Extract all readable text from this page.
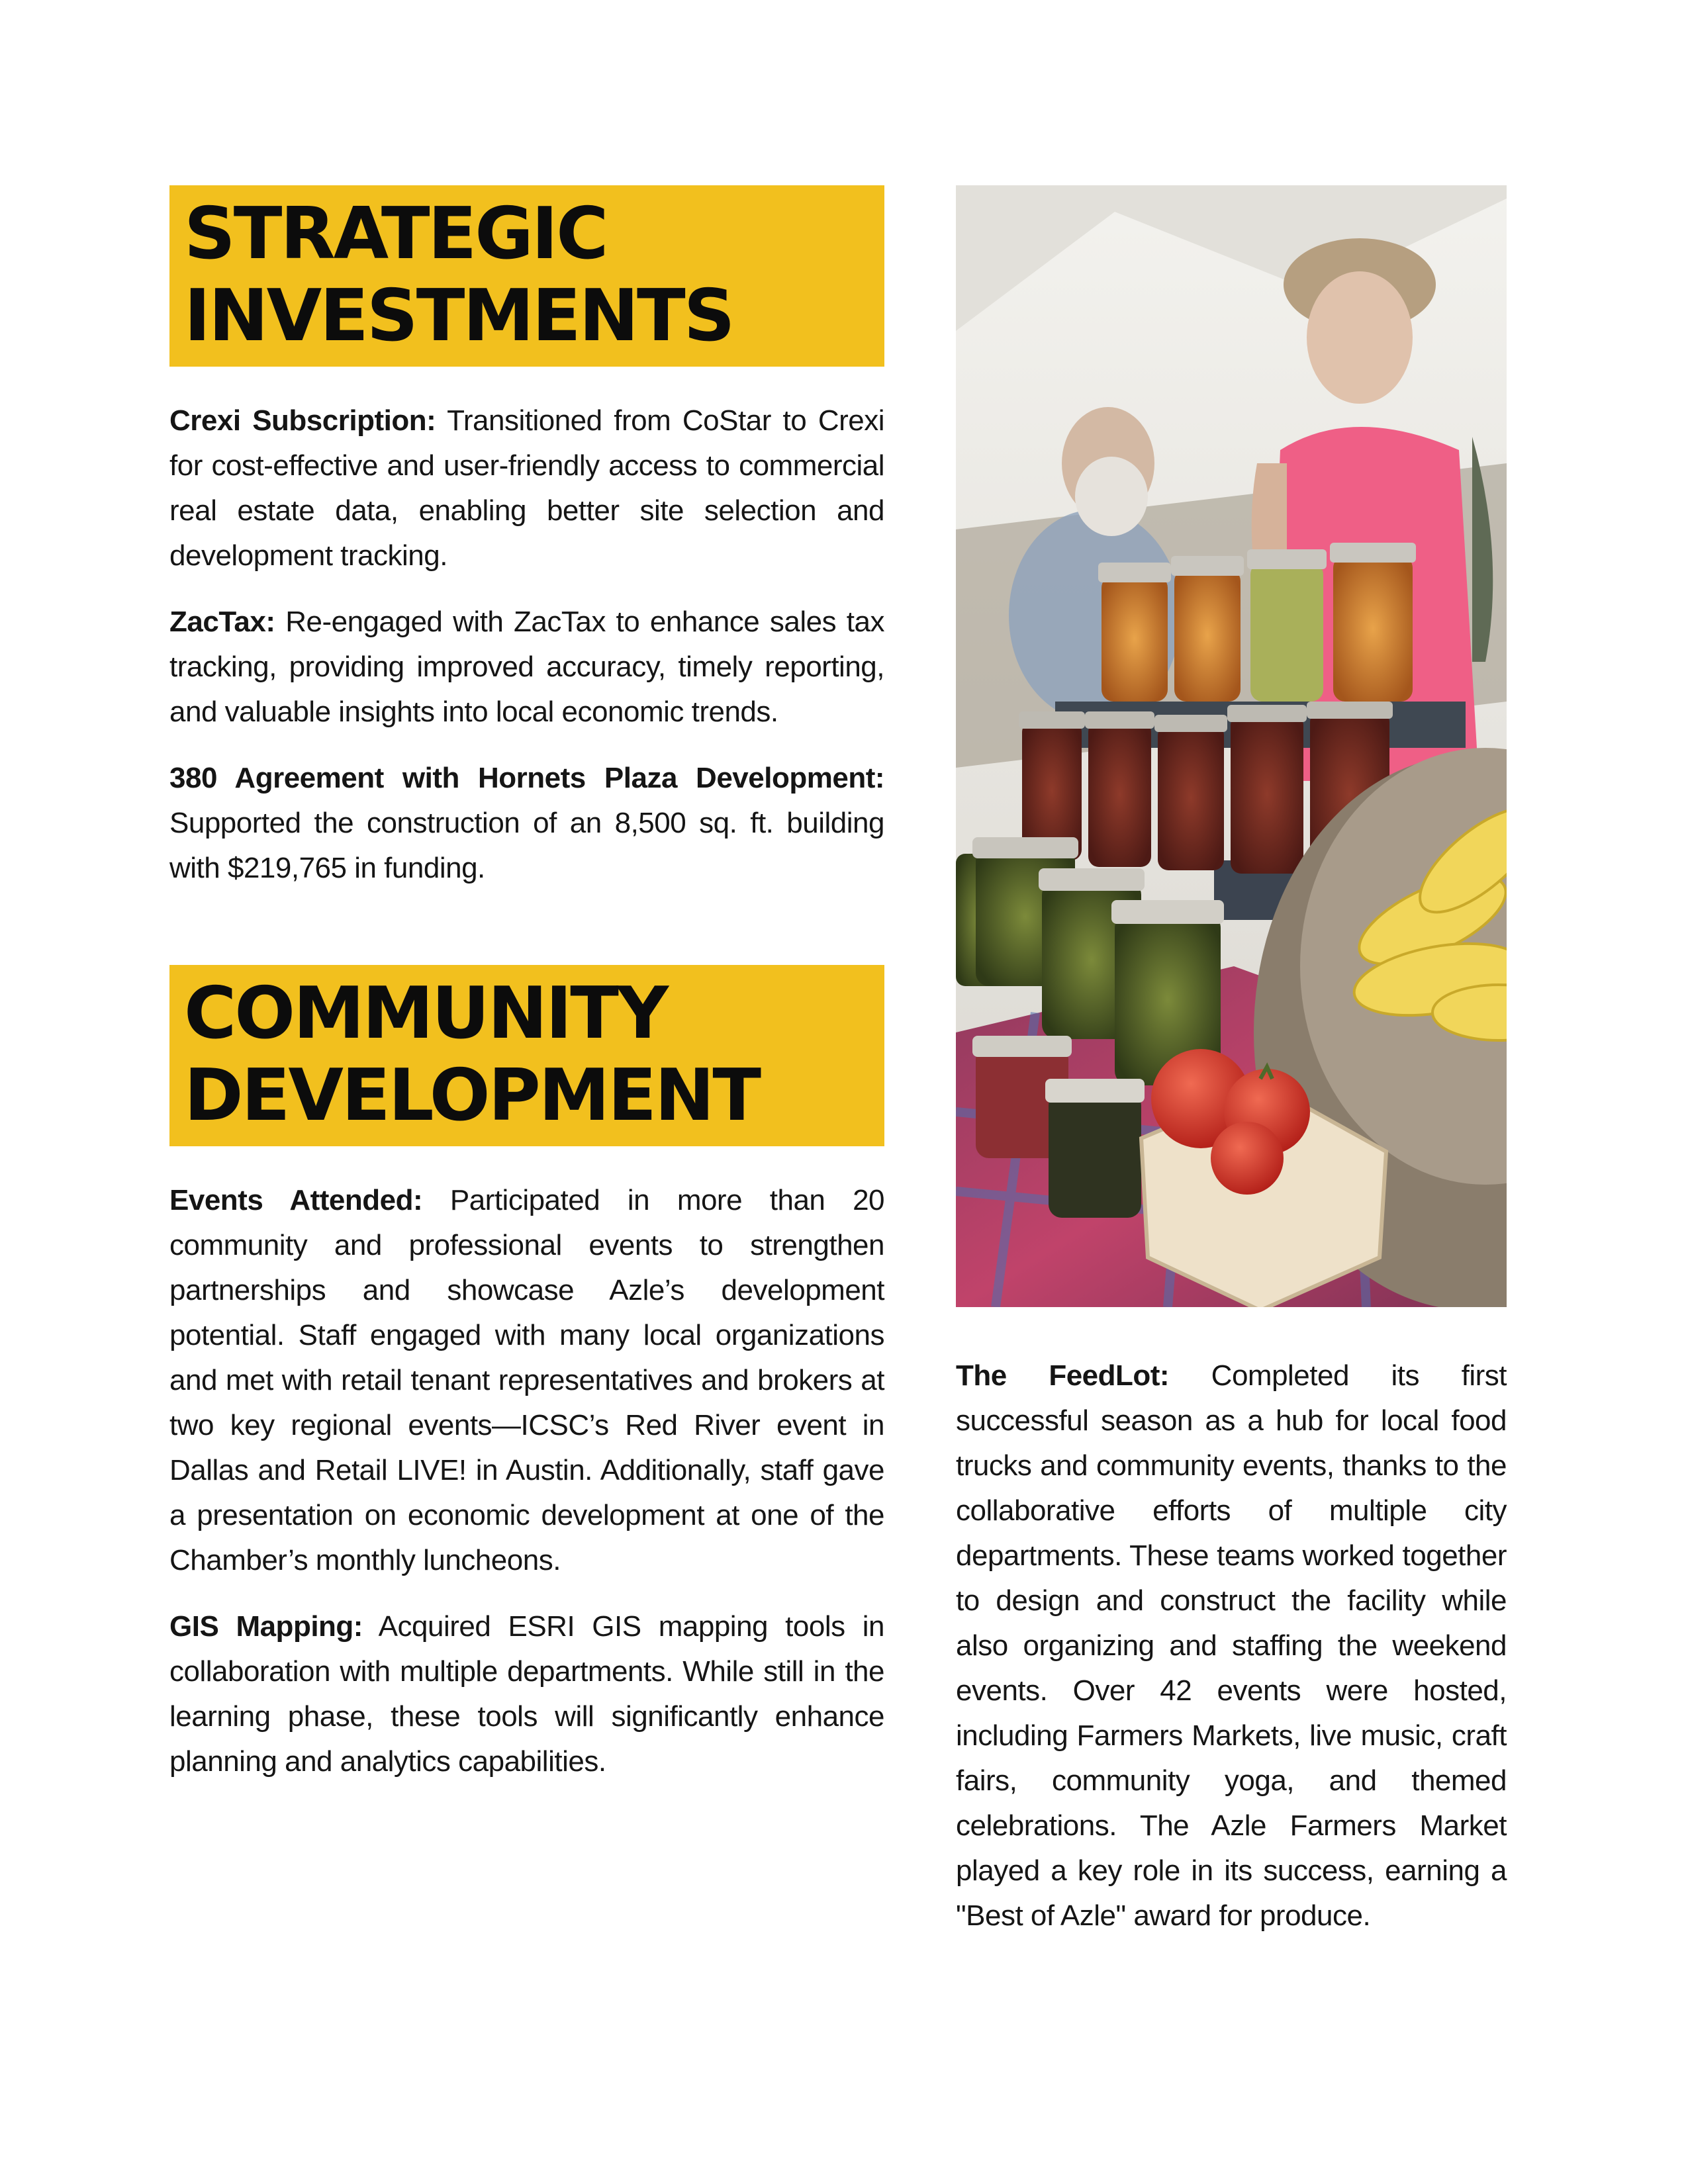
STRATEGIC
INVESTMENTS

Crexi Subscription: Transitioned from CoStar to Crexi for cost-effective and user-friendly access to commercial real estate data, enabling better site selection and development tracking.

ZacTax: Re-engaged with ZacTax to enhance sales tax tracking, providing improved accuracy, timely reporting, and valuable insights into local economic trends.

380 Agreement with Hornets Plaza Development: Supported the construction of an 8,500 sq. ft. building with $219,765 in funding.

COMMUNITY
DEVELOPMENT

Events Attended: Participated in more than 20 community and professional events to strengthen partnerships and showcase Azle’s development potential. Staff engaged with many local organizations and met with retail tenant representatives and brokers at two key regional events—ICSC’s Red River event in Dallas and Retail LIVE! in Austin. Additionally, staff gave a presentation on economic development at one of the Chamber’s monthly luncheons.

GIS Mapping: Acquired ESRI GIS mapping tools in collaboration with multiple departments. While still in the learning phase, these tools will significantly enhance planning and analytics capabilities.

The FeedLot: Completed its first successful season as a hub for local food trucks and community events, thanks to the collaborative efforts of multiple city departments. These teams worked together to design and construct the facility while also organizing and staffing the weekend events. Over 42 events were hosted, including Farmers Markets, live music, craft fairs, community yoga, and themed celebrations. The Azle Farmers Market played a key role in its success, earning a "Best of Azle" award for produce.
